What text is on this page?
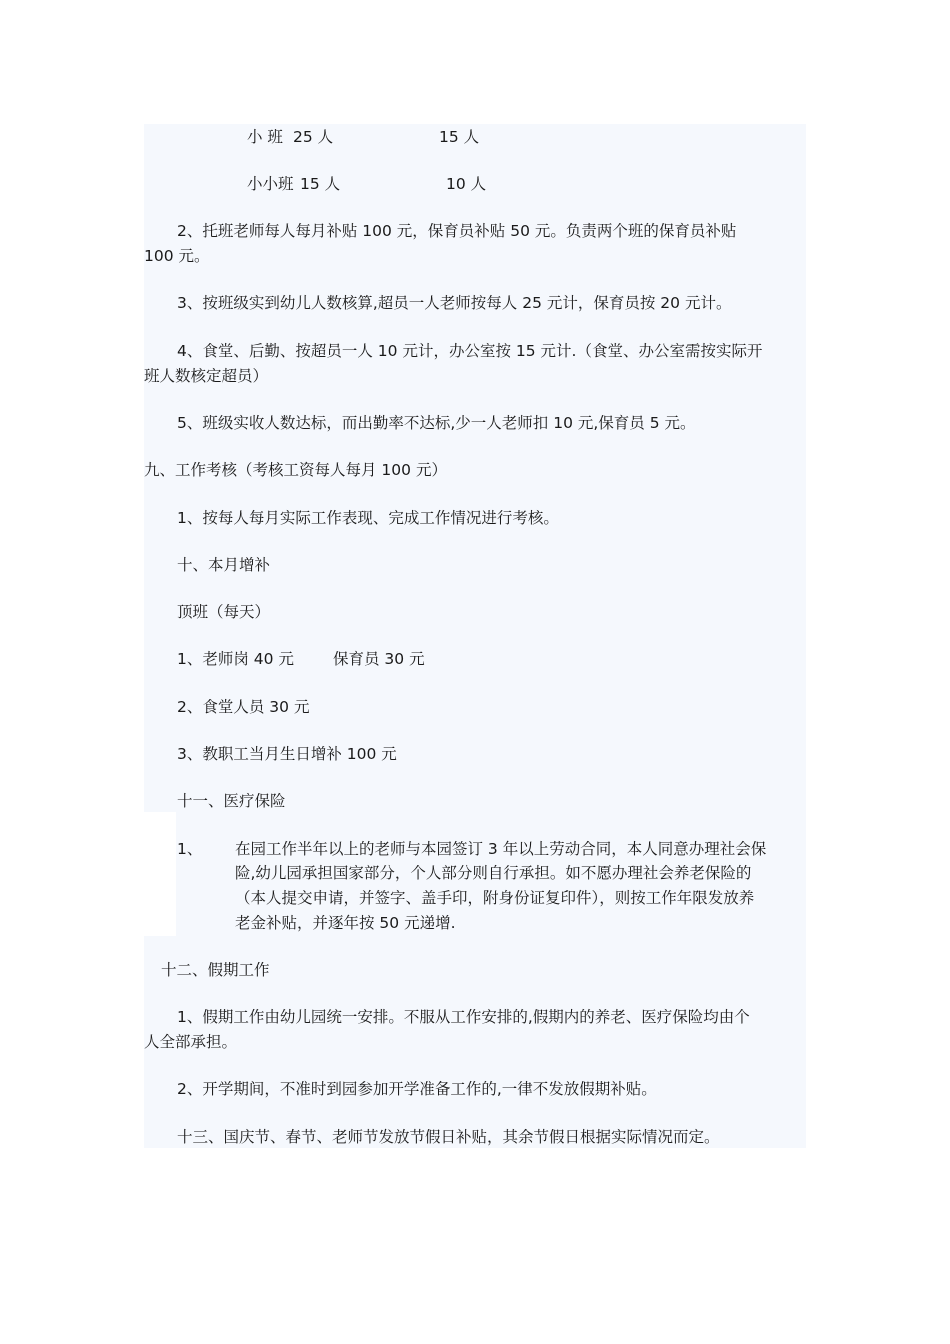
小 班 25 人	15 人
小小班 15 人	10 人
2、托班老师每人每月补贴 100 元，保育员补贴 50 元。负责两个班的保育员补贴
100 元。
3、按班级实到幼儿人数核算,超员一人老师按每人 25 元计，保育员按 20 元计。
4、食堂、后勤、按超员一人 10 元计，办公室按 15 元计.（食堂、办公室需按实际开
班人数核定超员）
5、班级实收人数达标，而出勤率不达标,少一人老师扣 10 元,保育员 5 元。
九、工作考核（考核工资每人每月 100 元）
1、按每人每月实际工作表现、完成工作情况进行考核。
十、本月增补
顶班（每天）
1、老师岗 40 元	保育员 30 元
2、食堂人员 30 元
3、教职工当月生日增补 100 元
十一、医疗保险
1、 在园工作半年以上的老师与本园签订 3 年以上劳动合同，本人同意办理社会保
险,幼儿园承担国家部分，个人部分则自行承担。如不愿办理社会养老保险的
（本人提交申请，并签字、盖手印，附身份证复印件），则按工作年限发放养
老金补贴，并逐年按 50 元递增.
十二、假期工作
1、假期工作由幼儿园统一安排。不服从工作安排的,假期内的养老、医疗保险均由个
人全部承担。
2、开学期间，不准时到园参加开学准备工作的,一律不发放假期补贴。
十三、国庆节、春节、老师节发放节假日补贴，其余节假日根据实际情况而定。
